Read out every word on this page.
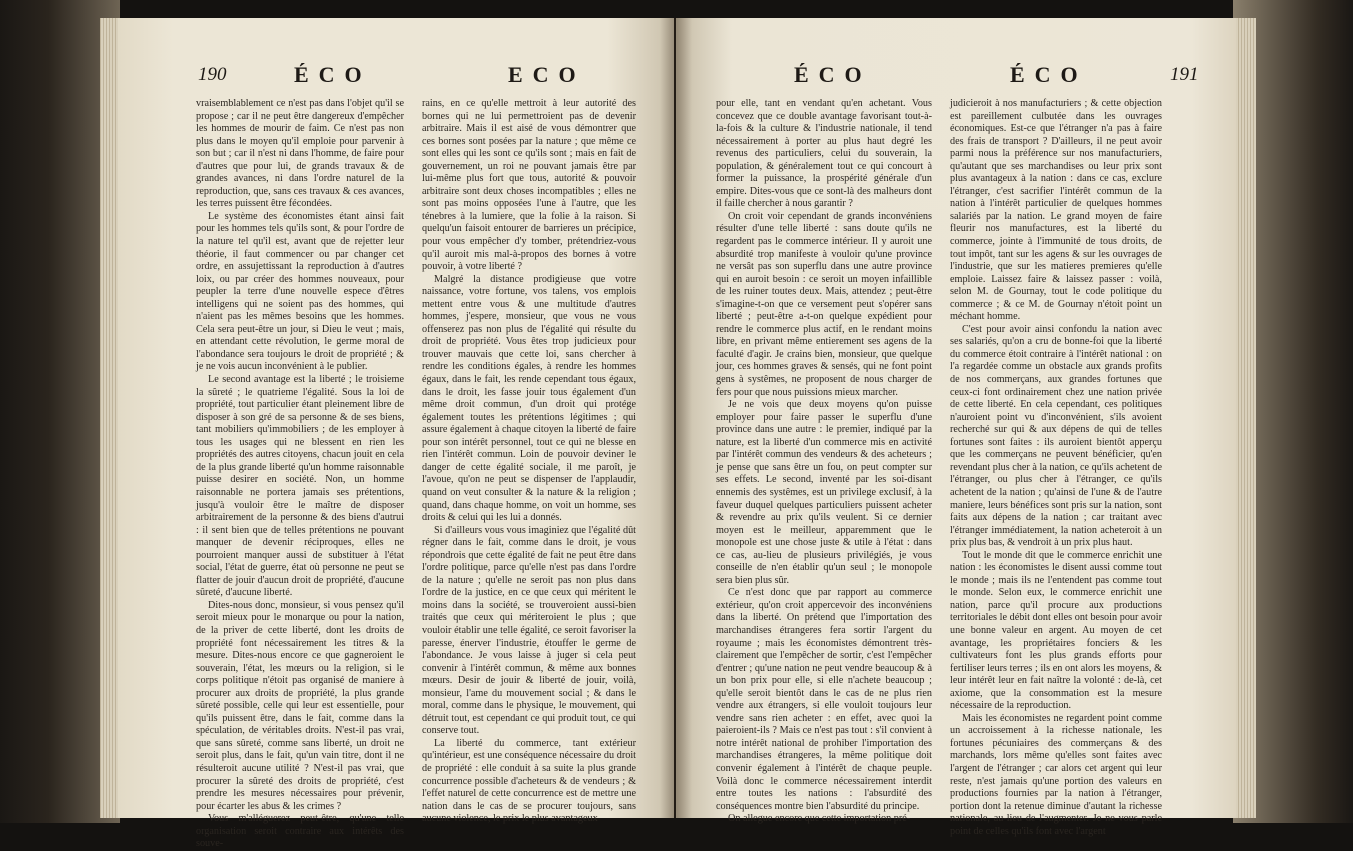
190	ÉCO	ECO

vraisemblablement ce n'est pas dans l'objet qu'il se propose ; car il ne peut être dangereux d'empêcher les hommes de mourir de faim. Ce n'est pas non plus dans le moyen qu'il emploie pour parvenir à son but ; car il n'est ni dans l'homme, de faire pour d'autres que pour lui, de grands travaux & de grandes avances, ni dans l'ordre naturel de la reproduction, que, sans ces travaux & ces avances, les terres puissent être fécondées.

Le système des économistes étant ainsi fait pour les hommes tels qu'ils sont, & pour l'ordre de la nature tel qu'il est, avant que de rejetter leur théorie, il faut commencer ou par changer cet ordre, en assujettissant la reproduction à d'autres loix, ou par créer des hommes nouveaux, pour peupler la terre d'une nouvelle espece d'êtres intelligens qui ne soient pas des hommes, qui n'aient pas les mêmes besoins que les hommes. Cela sera peut-être un jour, si Dieu le veut ; mais, en attendant cette révolution, le germe moral de l'abondance sera toujours le droit de propriété ; & je ne vois aucun inconvénient à le publier.

Le second avantage est la liberté ; le troisieme la sûreté ; le quatrieme l'égalité. Sous la loi de propriété, tout particulier étant pleinement libre de disposer à son gré de sa personne & de ses biens, tant mobiliers qu'immobiliers ; de les employer à tous les usages qui ne blessent en rien les propriétés des autres citoyens, chacun jouit en cela de la plus grande liberté qu'un homme raisonnable puisse desirer en société. Non, un homme raisonnable ne portera jamais ses prétentions, jusqu'à vouloir être le maître de disposer arbitrairement de la personne & des biens d'autrui : il sent bien que de telles prétentions ne pouvant manquer de devenir réciproques, elles ne pourroient manquer aussi de substituer à l'état social, l'état de guerre, état où personne ne peut se flatter de jouir d'aucun droit de propriété, d'aucune sûreté, d'aucune liberté.

Dites-nous donc, monsieur, si vous pensez qu'il seroit mieux pour le monarque ou pour la nation, de la priver de cette liberté, dont les droits de propriété font nécessairement les titres & la mesure. Dites-nous encore ce que gagneroient le souverain, l'état, les mœurs ou la religion, si le corps politique n'étoit pas organisé de maniere à procurer aux droits de propriété, la plus grande sûreté possible, celle qui leur est essentielle, pour qu'ils puissent être, dans le fait, comme dans la spéculation, de véritables droits. N'est-il pas vrai, que sans sûreté, comme sans liberté, un droit ne seroit plus, dans le fait, qu'un vain titre, dont il ne résulteroit aucune utilité ? N'est-il pas vrai, que procurer la sûreté des droits de propriété, c'est prendre les mesures nécessaires pour prévenir, pour écarter les abus & les crimes ?

Vous m'alléguerez peut-être, qu'une telle organisation seroit contraire aux intérêts des souve-

rains, en ce qu'elle mettroit à leur autorité des bornes qui ne lui permettroient pas de devenir arbitraire. Mais il est aisé de vous démontrer que ces bornes sont posées par la nature ; que même ce sont elles qui les sont ce qu'ils sont ; mais en fait de gouvernement, un roi ne pouvant jamais être par lui-même plus fort que tous, autorité & pouvoir arbitraire sont deux choses incompatibles ; elles ne sont pas moins opposées l'une à l'autre, que les ténebres à la lumiere, que la folie à la raison. Si quelqu'un faisoit entourer de barrieres un précipice, pour vous empêcher d'y tomber, prétendriez-vous qu'il auroit mis mal-à-propos des bornes à votre pouvoir, à votre liberté ?

Malgré la distance prodigieuse que votre naissance, votre fortune, vos talens, vos emplois mettent entre vous & une multitude d'autres hommes, j'espere, monsieur, que vous ne vous offenserez pas non plus de l'égalité qui résulte du droit de propriété. Vous êtes trop judicieux pour trouver mauvais que cette loi, sans chercher à rendre les conditions égales, à rendre les hommes égaux, dans le fait, les rende cependant tous égaux, dans le droit, les fasse jouir tous également d'un même droit commun, d'un droit qui protége également toutes les prétentions légitimes ; qui assure également à chaque citoyen la liberté de faire pour son intérêt personnel, tout ce qui ne blesse en rien l'intérêt commun. Loin de pouvoir deviner le danger de cette égalité sociale, il me paroît, je l'avoue, qu'on ne peut se dispenser de l'applaudir, quand on veut consulter & la nature & la religion ; quand, dans chaque homme, on voit un homme, ses droits & celui qui les lui a donnés.

Si d'ailleurs vous vous imaginiez que l'égalité dût régner dans le fait, comme dans le droit, je vous répondrois que cette égalité de fait ne peut être dans l'ordre politique, parce qu'elle n'est pas dans l'ordre de la nature ; qu'elle ne seroit pas non plus dans l'ordre de la justice, en ce que ceux qui méritent le moins dans la société, se trouveroient aussi-bien traités que ceux qui mériteroient le plus ; que vouloir établir une telle égalité, ce seroit favoriser la paresse, énerver l'industrie, étouffer le germe de l'abondance. Je vous laisse à juger si cela peut convenir à l'intérêt commun, & même aux bonnes mœurs. Desir de jouir & liberté de jouir, voilà, monsieur, l'ame du mouvement social ; & dans le moral, comme dans le physique, le mouvement, qui détruit tout, est cependant ce qui produit tout, ce qui conserve tout.

La liberté du commerce, tant extérieur qu'intérieur, est une conséquence nécessaire du droit de propriété : elle conduit à sa suite la plus grande concurrence possible d'acheteurs & de vendeurs ; & l'effet naturel de cette concurrence est de mettre une nation dans le cas de se procurer toujours, sans aucune violence, le prix le plus avantageux

ÉCO	ÉCO	191

pour elle, tant en vendant qu'en achetant. Vous concevez que ce double avantage favorisant tout-à-la-fois & la culture & l'industrie nationale, il tend nécessairement à porter au plus haut degré les revenus des particuliers, celui du souverain, la population, & généralement tout ce qui concourt à former la puissance, la prospérité générale d'un empire. Dites-vous que ce sont-là des malheurs dont il faille chercher à nous garantir ?

On croit voir cependant de grands inconvéniens résulter d'une telle liberté : sans doute qu'ils ne regardent pas le commerce intérieur. Il y auroit une absurdité trop manifeste à vouloir qu'une province ne versât pas son superflu dans une autre province qui en auroit besoin : ce seroit un moyen infaillible de les ruiner toutes deux. Mais, attendez ; peut-être s'imagine-t-on que ce versement peut s'opérer sans liberté ; peut-être a-t-on quelque expédient pour rendre le commerce plus actif, en le rendant moins libre, en privant même entierement ses agens de la faculté d'agir. Je crains bien, monsieur, que quelque jour, ces hommes graves & sensés, qui ne font point gens à systêmes, ne proposent de nous charger de fers pour que nous puissions mieux marcher.

Je ne vois que deux moyens qu'on puisse employer pour faire passer le superflu d'une province dans une autre : le premier, indiqué par la nature, est la liberté d'un commerce mis en activité par l'intérêt commun des vendeurs & des acheteurs ; je pense que sans être un fou, on peut compter sur ses effets. Le second, inventé par les soi-disant ennemis des systêmes, est un privilege exclusif, à la faveur duquel quelques particuliers puissent acheter & revendre au prix qu'ils veulent. Si ce dernier moyen est le meilleur, apparemment que le monopole est une chose juste & utile à l'état : dans ce cas, au-lieu de plusieurs privilégiés, je vous conseille de n'en établir qu'un seul ; le monopole sera bien plus sûr.

Ce n'est donc que par rapport au commerce extérieur, qu'on croit appercevoir des inconvéniens dans la liberté. On prétend que l'importation des marchandises étrangeres fera sortir l'argent du royaume ; mais les économistes démontrent très-clairement que l'empêcher de sortir, c'est l'empêcher d'entrer ; qu'une nation ne peut vendre beaucoup & à un bon prix pour elle, si elle n'achete beaucoup ; qu'elle seroit bientôt dans le cas de ne plus rien vendre aux étrangers, si elle vouloit toujours leur vendre sans rien acheter : en effet, avec quoi la paieroient-ils ? Mais ce n'est pas tout : s'il convient à notre intérêt national de prohiber l'importation des marchandises étrangeres, la même politique doit convenir également à l'intérêt de chaque peuple. Voilà donc le commerce nécessairement interdit entre toutes les nations : l'absurdité des conséquences montre bien l'absurdité du principe.

On allegue encore que cette importation pré-

judicieroit à nos manufacturiers ; & cette objection est pareillement culbutée dans les ouvrages économiques. Est-ce que l'étranger n'a pas à faire des frais de transport ? D'ailleurs, il ne peut avoir parmi nous la préférence sur nos manufacturiers, qu'autant que ses marchandises ou leur prix sont plus avantageux à la nation : dans ce cas, exclure l'étranger, c'est sacrifier l'intérêt commun de la nation à l'intérêt particulier de quelques hommes salariés par la nation. Le grand moyen de faire fleurir nos manufactures, est la liberté du commerce, jointe à l'immunité de tous droits, de tout impôt, tant sur les agens & sur les ouvrages de l'industrie, que sur les matieres premieres qu'elle emploie. Laissez faire & laissez passer : voilà, selon M. de Gournay, tout le code politique du commerce ; & ce M. de Gournay n'étoit point un méchant homme.

C'est pour avoir ainsi confondu la nation avec ses salariés, qu'on a cru de bonne-foi que la liberté du commerce étoit contraire à l'intérêt national : on l'a regardée comme un obstacle aux grands profits de nos commerçans, aux grandes fortunes que ceux-ci font ordinairement chez une nation privée de cette liberté. En cela cependant, ces politiques n'auroient point vu d'inconvénient, s'ils avoient recherché sur qui & aux dépens de qui de telles fortunes sont faites : ils auroient bientôt apperçu que les commerçans ne peuvent bénéficier, qu'en revendant plus cher à la nation, ce qu'ils achetent de l'étranger, ou plus cher à l'étranger, ce qu'ils achetent de la nation ; qu'ainsi de l'une & de l'autre maniere, leurs bénéfices sont pris sur la nation, sont faits aux dépens de la nation ; car traitant avec l'étranger immédiatement, la nation acheteroit à un prix plus bas, & vendroit à un prix plus haut.

Tout le monde dit que le commerce enrichit une nation : les économistes le disent aussi comme tout le monde ; mais ils ne l'entendent pas comme tout le monde. Selon eux, le commerce enrichit une nation, parce qu'il procure aux productions territoriales le débit dont elles ont besoin pour avoir une bonne valeur en argent. Au moyen de cet avantage, les propriétaires fonciers & les cultivateurs font les plus grands efforts pour fertiliser leurs terres ; ils en ont alors les moyens, & leur intérêt leur en fait naître la volonté : de-là, cet axiome, que la consommation est la mesure nécessaire de la reproduction.

Mais les économistes ne regardent point comme un accroissement à la richesse nationale, les fortunes pécuniaires des commerçans & des marchands, lors même qu'elles sont faites avec l'argent de l'étranger ; car alors cet argent qui leur reste, n'est jamais qu'une portion des valeurs en productions fournies par la nation à l'étranger, portion dont la retenue diminue d'autant la richesse nationale, au-lieu de l'augmenter. Je ne vous parle point de celles qu'ils font avec l'argent
